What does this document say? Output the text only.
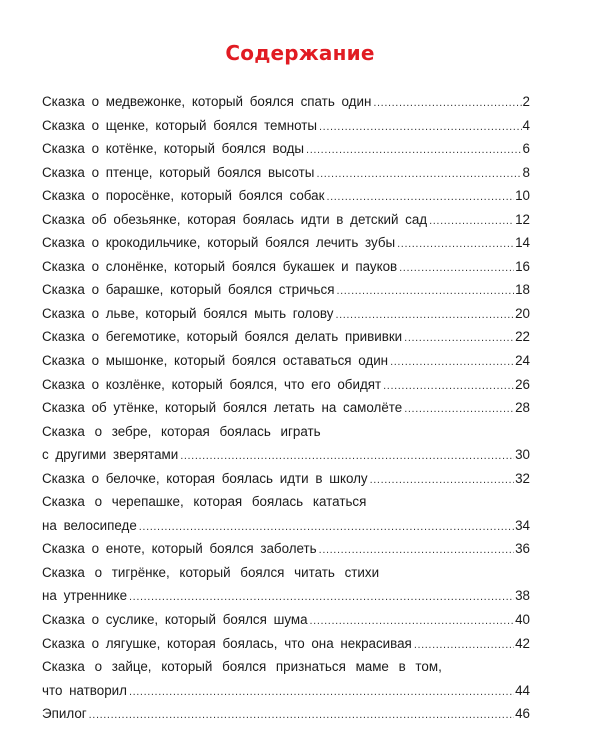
Содержание
Сказка о медвежонке, который боялся спать один .....	2
Сказка о щенке, который боялся темноты .....	4
Сказка о котёнке, который боялся воды .....	6
Сказка о птенце, который боялся высоты .....	8
Сказка о поросёнке, который боялся собак .....	10
Сказка об обезьянке, которая боялась идти в детский сад .....	12
Сказка о крокодильчике, который боялся лечить зубы .....	14
Сказка о слонёнке, который боялся букашек и пауков .....	16
Сказка о барашке, который боялся стричься .....	18
Сказка о льве, который боялся мыть голову .....	20
Сказка о бегемотике, который боялся делать прививки .....	22
Сказка о мышонке, который боялся оставаться один .....	24
Сказка о козлёнке, который боялся, что его обидят .....	26
Сказка об утёнке, который боялся летать на самолёте .....	28
Сказка о зебре, которая боялась играть
с другими зверятами .....	30
Сказка о белочке, которая боялась идти в школу .....	32
Сказка о черепашке, которая боялась кататься
на велосипеде .....	34
Сказка о еноте, который боялся заболеть .....	36
Сказка о тигрёнке, который боялся читать стихи
на утреннике .....	38
Сказка о суслике, который боялся шума .....	40
Сказка о лягушке, которая боялась, что она некрасивая .....	42
Сказка о зайце, который боялся признаться маме в том,
что натворил .....	44
Эпилог .....	46
